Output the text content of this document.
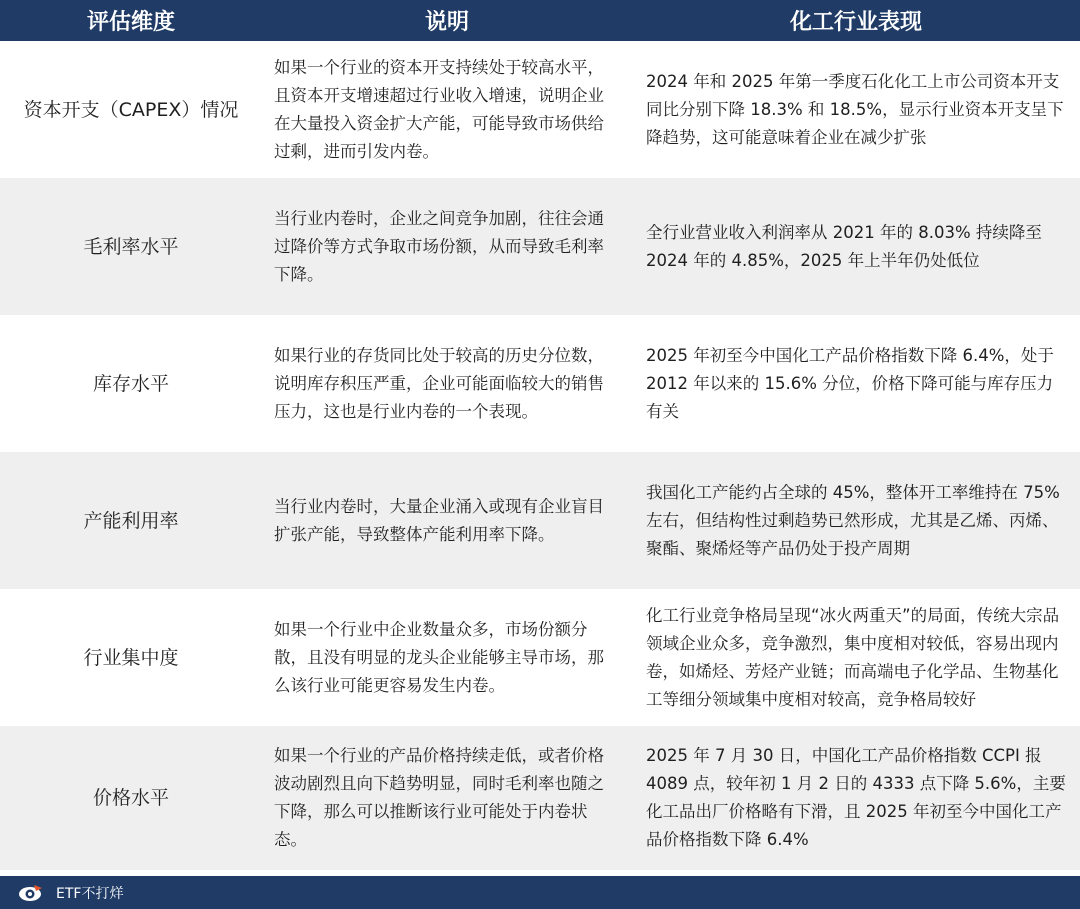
评估维度	说明	化工行业表现
资本开支（CAPEX）情况
如果一个行业的资本开支持续处于较高水平，且资本开支增速超过行业收入增速，说明企业在大量投入资金扩大产能，可能导致市场供给过剩，进而引发内卷。
2024 年和 2025 年第一季度石化化工上市公司资本开支同比分别下降 18.3% 和 18.5%，显示行业资本开支呈下降趋势，这可能意味着企业在减少扩张
毛利率水平
当行业内卷时，企业之间竞争加剧，往往会通过降价等方式争取市场份额，从而导致毛利率下降。
全行业营业收入利润率从 2021 年的 8.03% 持续降至 2024 年的 4.85%，2025 年上半年仍处低位
库存水平
如果行业的存货同比处于较高的历史分位数，说明库存积压严重，企业可能面临较大的销售压力，这也是行业内卷的一个表现。
2025 年初至今中国化工产品价格指数下降 6.4%，处于 2012 年以来的 15.6% 分位，价格下降可能与库存压力有关
产能利用率
当行业内卷时，大量企业涌入或现有企业盲目扩张产能，导致整体产能利用率下降。
我国化工产能约占全球的 45%，整体开工率维持在 75% 左右，但结构性过剩趋势已然形成，尤其是乙烯、丙烯、聚酯、聚烯烃等产品仍处于投产周期
行业集中度
如果一个行业中企业数量众多，市场份额分散，且没有明显的龙头企业能够主导市场，那么该行业可能更容易发生内卷。
化工行业竞争格局呈现“冰火两重天”的局面，传统大宗品领域企业众多，竞争激烈，集中度相对较低，容易出现内卷，如烯烃、芳烃产业链；而高端电子化学品、生物基化工等细分领域集中度相对较高，竞争格局较好
价格水平
如果一个行业的产品价格持续走低，或者价格波动剧烈且向下趋势明显，同时毛利率也随之下降，那么可以推断该行业可能处于内卷状态。
2025 年 7 月 30 日，中国化工产品价格指数 CCPI 报 4089 点，较年初 1 月 2 日的 4333 点下降 5.6%，主要化工品出厂价格略有下滑，且 2025 年初至今中国化工产品价格指数下降 6.4%
ETF不打烊
